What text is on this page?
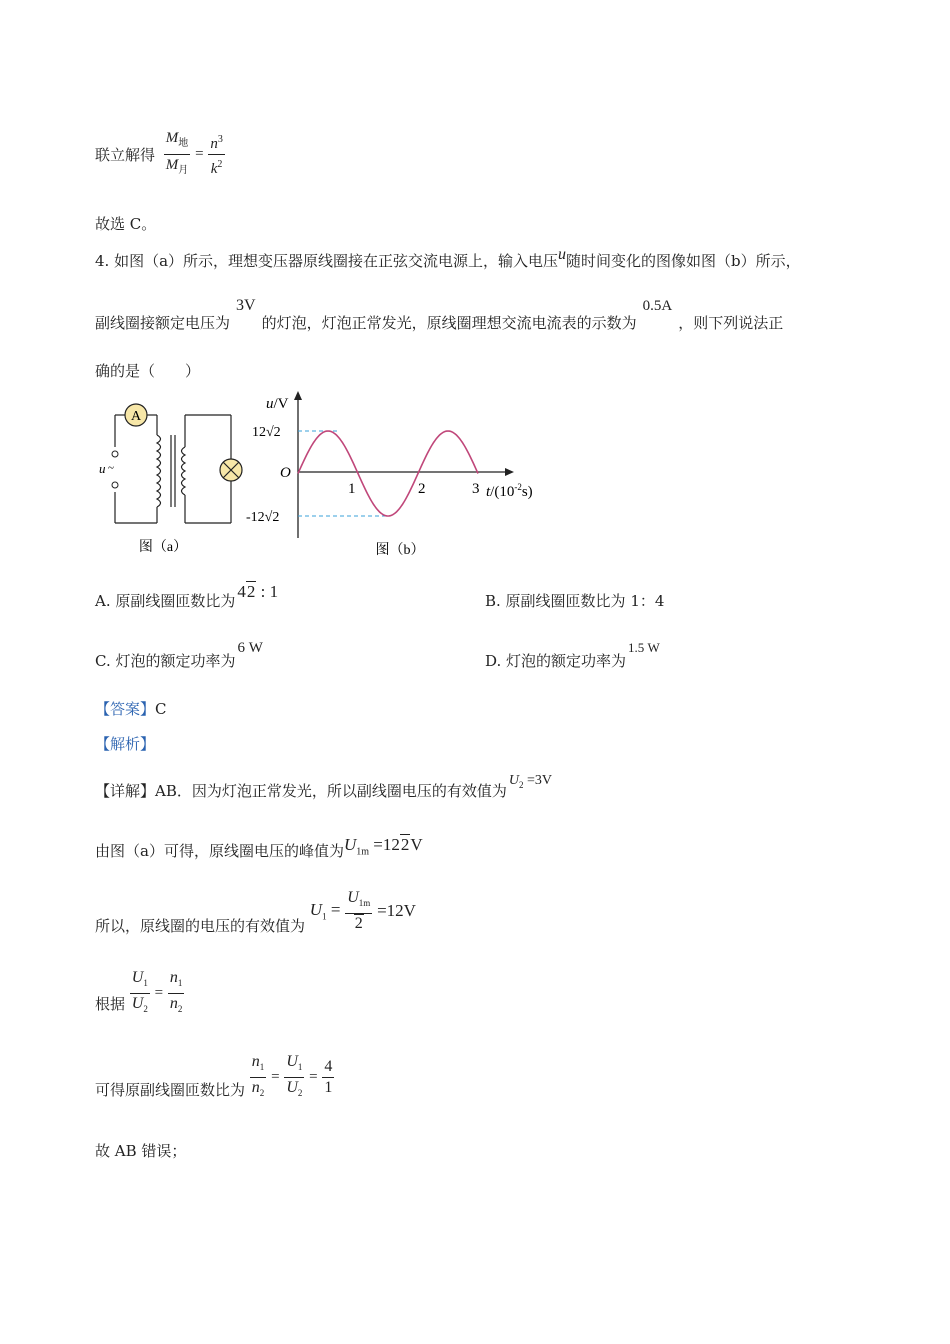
联立解得 $\frac{M_地}{M_月} = \frac{n^3}{k^2}$
故选 C。
4. 如图（a）所示，理想变压器原线圈接在正弦交流电源上，输入电压u随时间变化的图像如图（b）所示，
副线圈接额定电压为3V的灯泡，灯泡正常发光，原线圈理想交流电流表的示数为0.5A，则下列说法正
确的是（　　）
A
u ~
图（a）
u/V
O
12√2
-12√2
1	2	3 $t/(10^{-2}s)$
图（b）
A. 原副线圈匝数比为 42 : 1	B. 原副线圈匝数比为 1：4
C. 灯泡的额定功率为6 W
D. 灯泡的额定功率为1.5 W
【答案】C
【解析】
【详解】AB．因为灯泡正常发光，所以副线圈电压的有效值为$U_2 =3V$
由图（a）可得，原线圈电压的峰值为$U_{1m} =122V$
所以，原线圈的电压的有效值为 $U_1 = \frac{U_{1m}}{2} =12V$
根据 $\frac{U_1}{U_2} = \frac{n_1}{n_2}$
可得原副线圈匝数比为 $\frac{n_1}{n_2} = \frac{U_1}{U_2} = \frac{4}{1}$
故 AB 错误；
